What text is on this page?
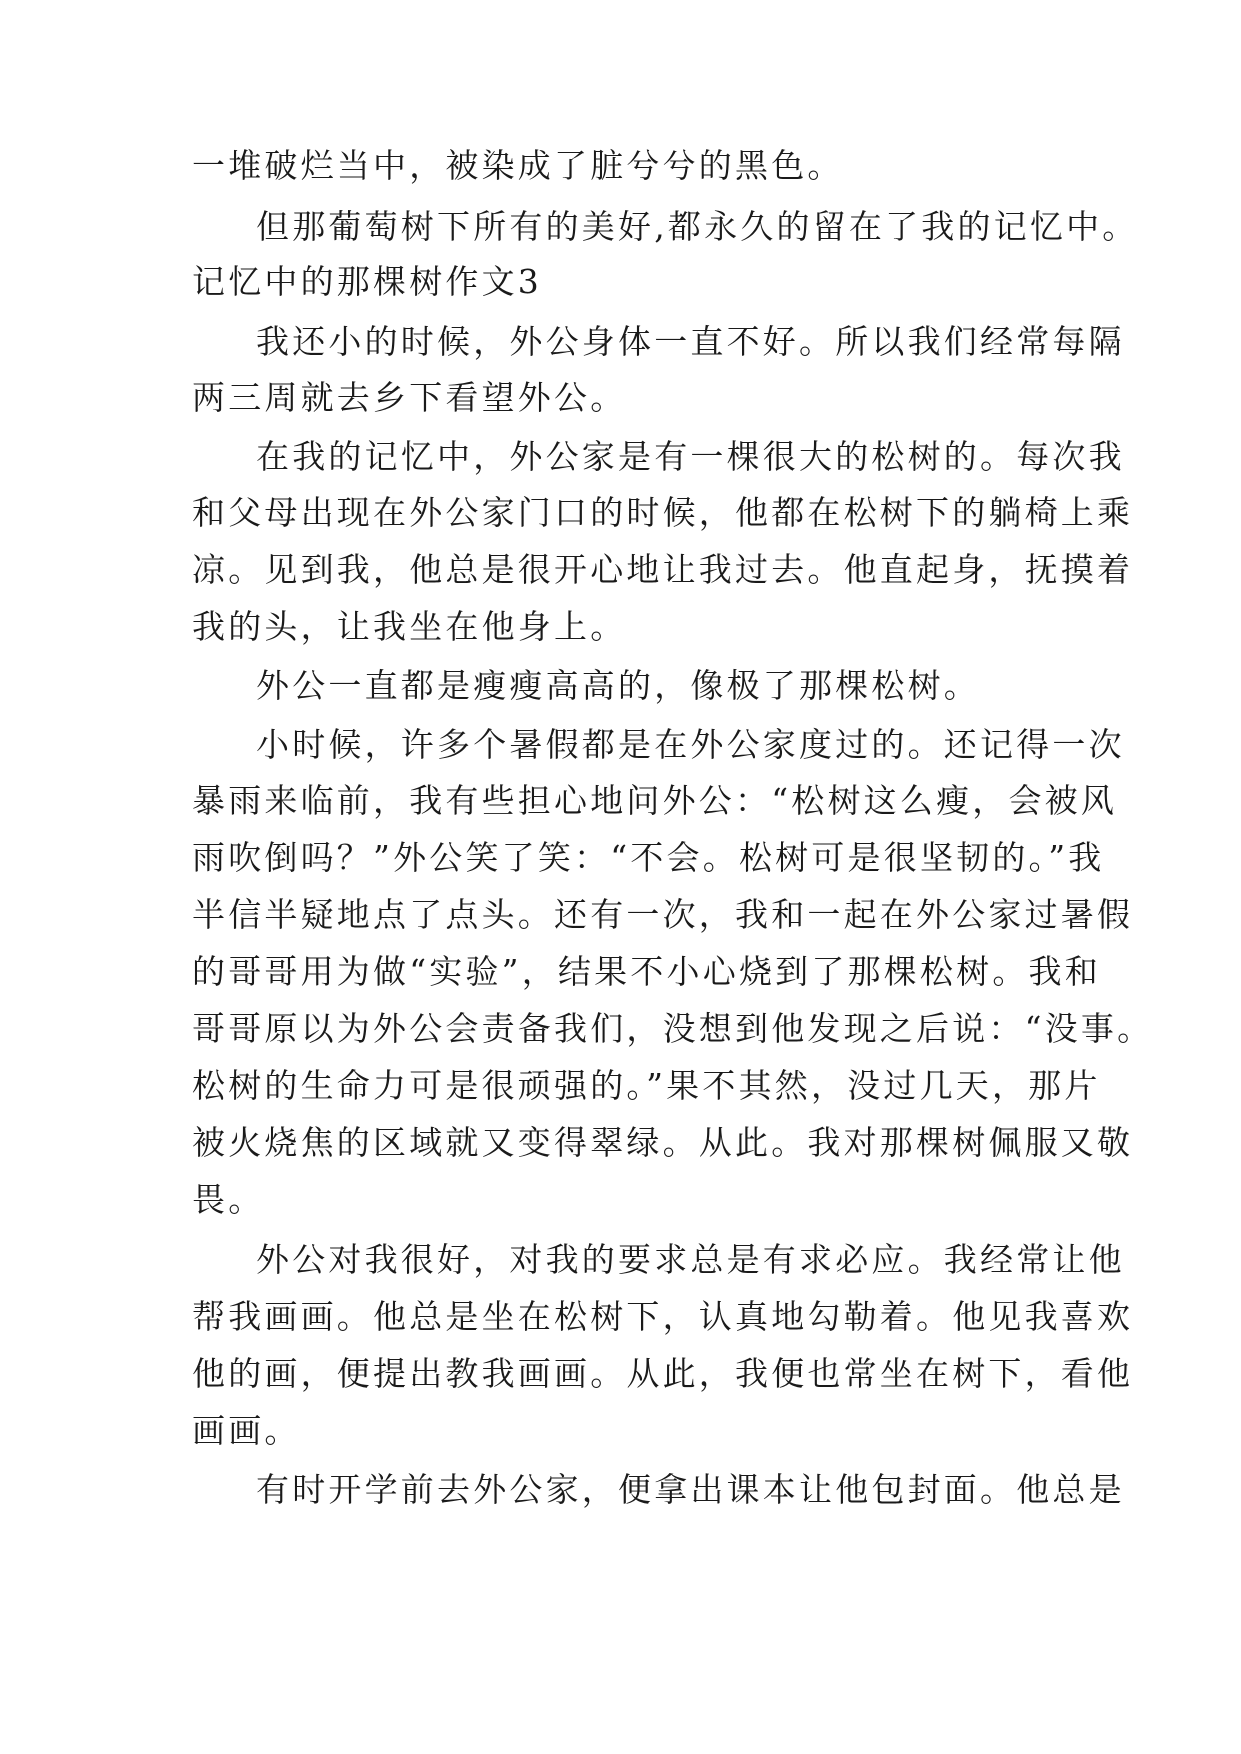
一堆破烂当中，被染成了脏兮兮的黑色。
但那葡萄树下所有的美好,都永久的留在了我的记忆中。
记忆中的那棵树作文3
我还小的时候，外公身体一直不好。所以我们经常每隔
两三周就去乡下看望外公。
在我的记忆中，外公家是有一棵很大的松树的。每次我
和父母出现在外公家门口的时候，他都在松树下的躺椅上乘
凉。见到我，他总是很开心地让我过去。他直起身，抚摸着
我的头，让我坐在他身上。
外公一直都是瘦瘦高高的，像极了那棵松树。
小时候，许多个暑假都是在外公家度过的。还记得一次
暴雨来临前，我有些担心地问外公：“松树这么瘦，会被风
雨吹倒吗？”外公笑了笑：“不会。松树可是很坚韧的。”我
半信半疑地点了点头。还有一次，我和一起在外公家过暑假
的哥哥用为做“实验”，结果不小心烧到了那棵松树。我和
哥哥原以为外公会责备我们，没想到他发现之后说：“没事。
松树的生命力可是很顽强的。”果不其然，没过几天，那片
被火烧焦的区域就又变得翠绿。从此。我对那棵树佩服又敬
畏。
外公对我很好，对我的要求总是有求必应。我经常让他
帮我画画。他总是坐在松树下，认真地勾勒着。他见我喜欢
他的画，便提出教我画画。从此，我便也常坐在树下，看他
画画。
有时开学前去外公家，便拿出课本让他包封面。他总是
